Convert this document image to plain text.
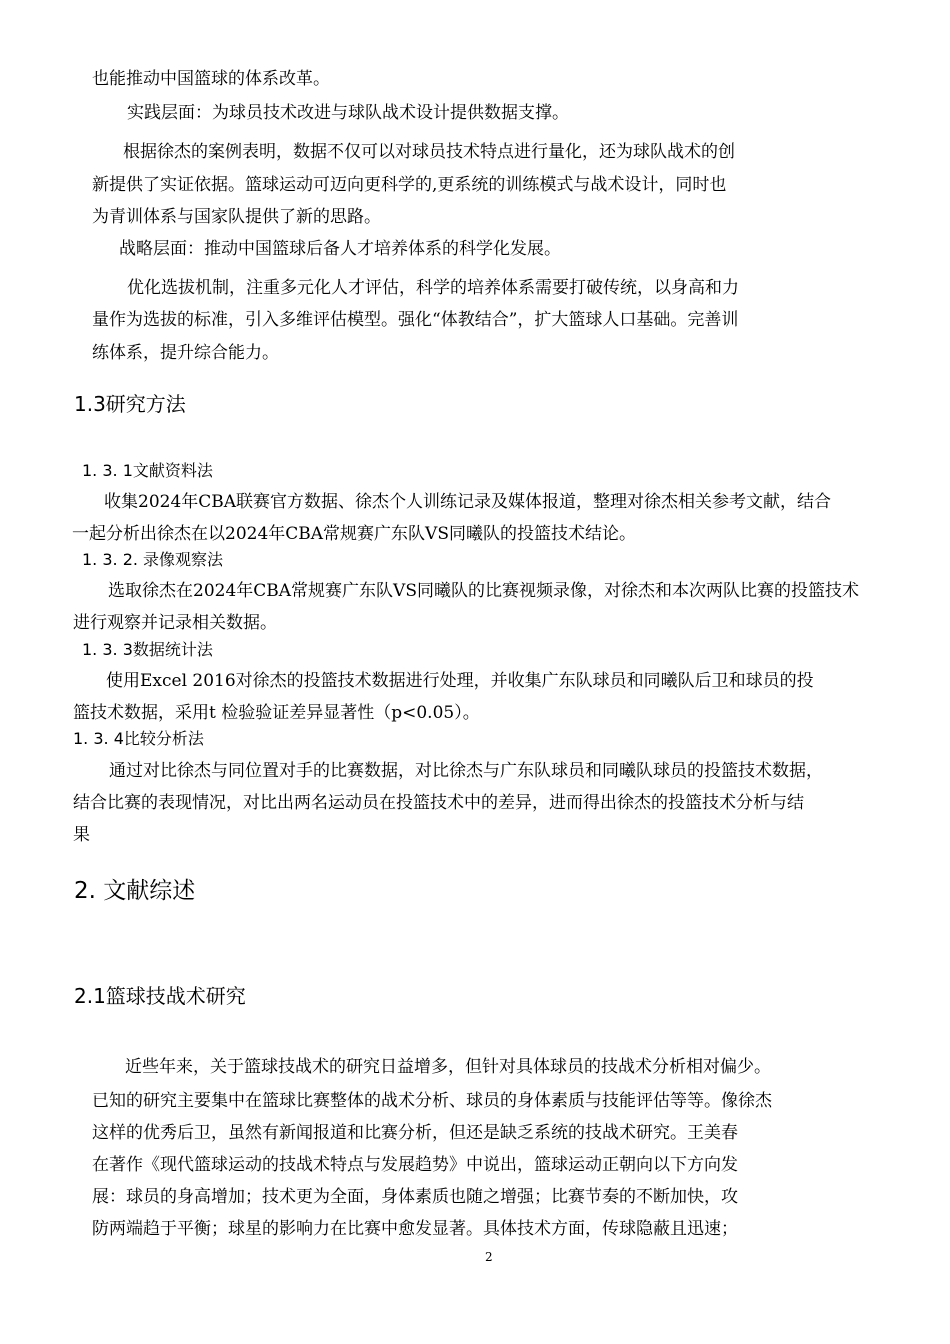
也能推动中国篮球的体系改革。
实践层面：为球员技术改进与球队战术设计提供数据支撑。
根据徐杰的案例表明，数据不仅可以对球员技术特点进行量化，还为球队战术的创
新提供了实证依据。篮球运动可迈向更科学的,更系统的训练模式与战术设计，同时也
为青训体系与国家队提供了新的思路。
战略层面：推动中国篮球后备人才培养体系的科学化发展。
优化选拔机制，注重多元化人才评估，科学的培养体系需要打破传统，以身高和力
量作为选拔的标准，引入多维评估模型。强化“体教结合”，扩大篮球人口基础。完善训
练体系，提升综合能力。
1.3研究方法
1. 3. 1文献资料法
收集2024年CBA联赛官方数据、徐杰个人训练记录及媒体报道，整理对徐杰相关参考文献，结合
一起分析出徐杰在以2024年CBA常规赛广东队VS同曦队的投篮技术结论。
1. 3. 2. 录像观察法
选取徐杰在2024年CBA常规赛广东队VS同曦队的比赛视频录像，对徐杰和本次两队比赛的投篮技术
进行观察并记录相关数据。
1. 3. 3数据统计法
使用Excel 2016对徐杰的投篮技术数据进行处理，并收集广东队球员和同曦队后卫和球员的投
篮技术数据，采用t 检验验证差异显著性（p<0.05）。
1. 3. 4比较分析法
通过对比徐杰与同位置对手的比赛数据，对比徐杰与广东队球员和同曦队球员的投篮技术数据，
结合比赛的表现情况，对比出两名运动员在投篮技术中的差异，进而得出徐杰的投篮技术分析与结
果
2. 文献综述
2.1篮球技战术研究
近些年来，关于篮球技战术的研究日益增多，但针对具体球员的技战术分析相对偏少。
已知的研究主要集中在篮球比赛整体的战术分析、球员的身体素质与技能评估等等。像徐杰
这样的优秀后卫，虽然有新闻报道和比赛分析，但还是缺乏系统的技战术研究。王美春
在著作《现代篮球运动的技战术特点与发展趋势》中说出，篮球运动正朝向以下方向发
展：球员的身高增加；技术更为全面，身体素质也随之增强；比赛节奏的不断加快，攻
防两端趋于平衡；球星的影响力在比赛中愈发显著。具体技术方面，传球隐蔽且迅速；
2
